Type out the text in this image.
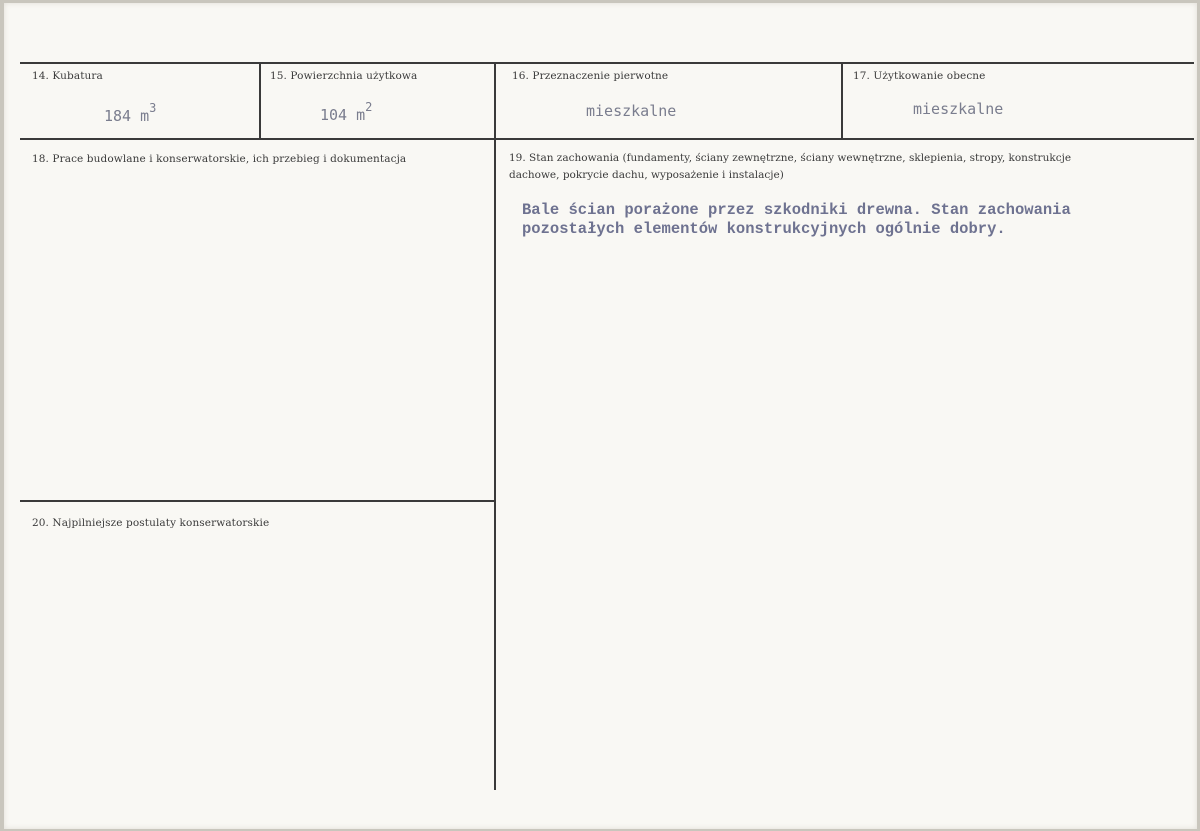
14. Kubatura
184 $m^3$
15. Powierzchnia użytkowa
104 $m^2$
16. Przeznaczenie pierwotne
mieszkalne
17. Użytkowanie obecne
mieszkalne
18. Prace budowlane i konserwatorskie, ich przebieg i dokumentacja	19. Stan zachowania (fundamenty, ściany zewnętrzne, ściany wewnętrzne, sklepienia, stropy, konstrukcje dachowe, pokrycie dachu, wyposażenie i instalacje)
Bale ścian porażone przez szkodniki drewna. Stan zachowania pozostałych elementów konstrukcyjnych ogólnie dobry.
20. Najpilniejsze postulaty konserwatorskie
